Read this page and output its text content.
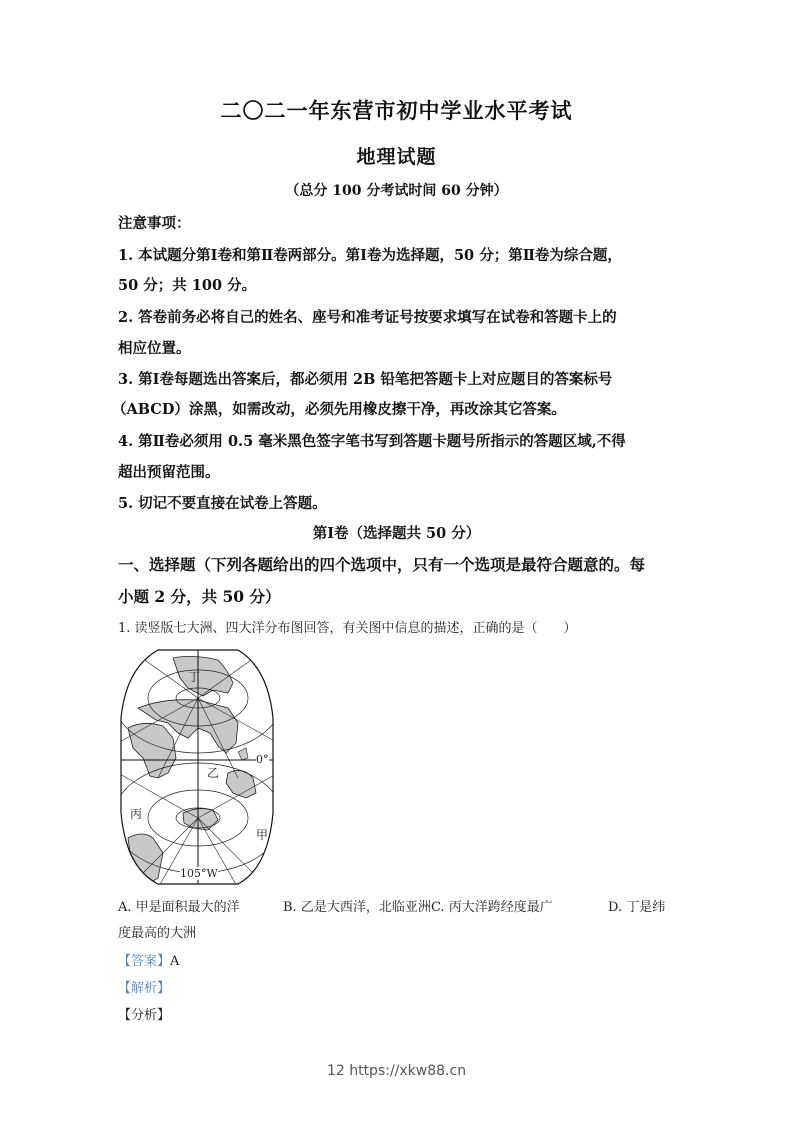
二〇二一年东营市初中学业水平考试
地理试题
（总分 100 分考试时间 60 分钟）
注意事项：
1. 本试题分第Ⅰ卷和第Ⅱ卷两部分。第Ⅰ卷为选择题，50 分；第Ⅱ卷为综合题，
50 分；共 100 分。
2. 答卷前务必将自己的姓名、座号和准考证号按要求填写在试卷和答题卡上的
相应位置。
3. 第Ⅰ卷每题选出答案后，都必须用 2B 铅笔把答题卡上对应题目的答案标号
（ABCD）涂黑，如需改动，必须先用橡皮擦干净，再改涂其它答案。
4. 第Ⅱ卷必须用 0.5 毫米黑色签字笔书写到答题卡题号所指示的答题区域,不得
超出预留范围。
5. 切记不要直接在试卷上答题。
第Ⅰ卷（选择题共 50 分）
一、选择题（下列各题给出的四个选项中，只有一个选项是最符合题意的。每
小题 2 分，共 50 分）
1. 读竖版七大洲、四大洋分布图回答，有关图中信息的描述，正确的是（　　）
丁
乙
丙
甲
0°
105°W
A. 甲是面积最大的洋	B. 乙是大西洋，北临亚洲 C. 丙大洋跨经度最广	D. 丁是纬
度最高的大洲
【答案】A
【解析】
【分析】
12 https://xkw88.cn
